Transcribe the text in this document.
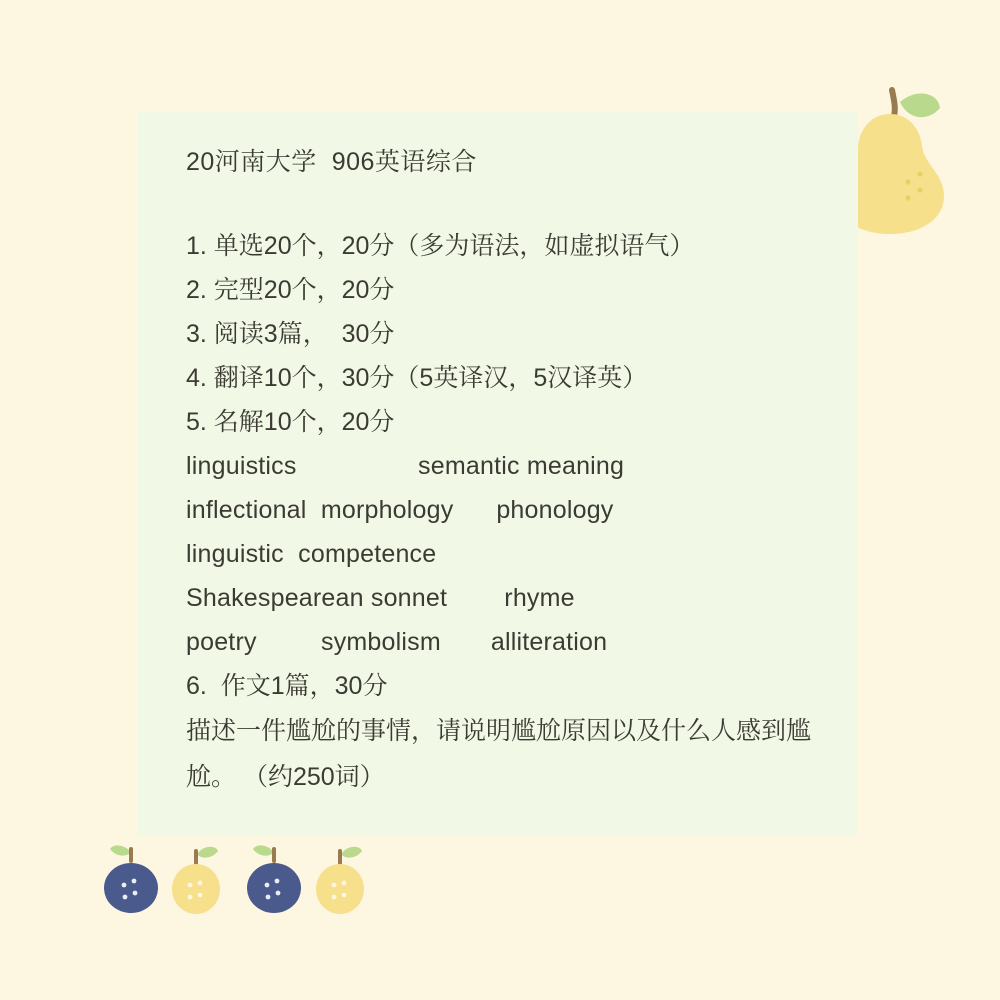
20河南大学  906英语综合
1. 单选20个，20分（多为语法，如虚拟语气）
2. 完型20个，20分
3. 阅读3篇，  30分
4. 翻译10个，30分（5英译汉，5汉译英）
5. 名解10个，20分
linguistics                 semantic meaning
inflectional  morphology      phonology
linguistic  competence
Shakespearean sonnet        rhyme
poetry         symbolism       alliteration
6.  作文1篇，30分
描述一件尴尬的事情，请说明尴尬原因以及什么人感到尴尬。 （约250词）
